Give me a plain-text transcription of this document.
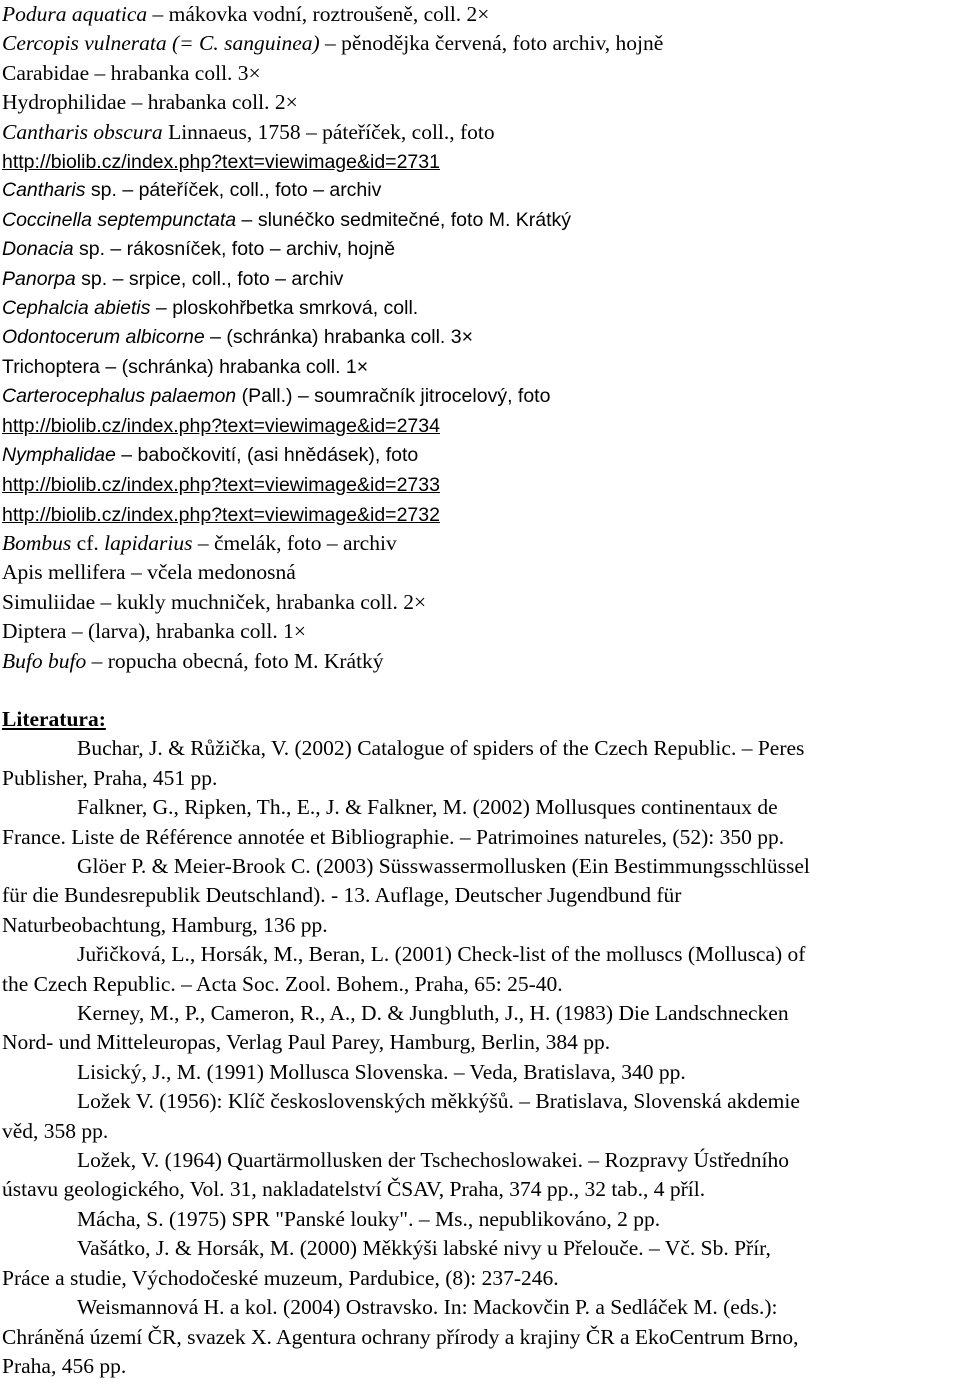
Podura aquatica – mákovka vodní, roztroušeně, coll. 2×
Cercopis vulnerata (= C. sanguinea) – pěnodějka červená, foto archiv, hojně
Carabidae – hrabanka coll. 3×
Hydrophilidae – hrabanka coll. 2×
Cantharis obscura Linnaeus, 1758 – páteříček, coll., foto
http://biolib.cz/index.php?text=viewimage&id=2731
Cantharis sp. – páteříček, coll., foto – archiv
Coccinella septempunctata – slunéčko sedmitečné, foto M. Krátký
Donacia sp. – rákosníček, foto – archiv, hojně
Panorpa sp. – srpice, coll., foto – archiv
Cephalcia abietis – ploskohřbetka smrková, coll.
Odontocerum albicorne – (schránka) hrabanka coll. 3×
Trichoptera – (schránka) hrabanka coll. 1×
Carterocephalus palaemon (Pall.) – soumračník jitrocelový, foto
http://biolib.cz/index.php?text=viewimage&id=2734
Nymphalidae – babočkovití, (asi hnědásek), foto
http://biolib.cz/index.php?text=viewimage&id=2733
http://biolib.cz/index.php?text=viewimage&id=2732
Bombus cf. lapidarius – čmelák, foto – archiv
Apis mellifera – včela medonosná
Simuliidae – kukly muchniček, hrabanka coll. 2×
Diptera – (larva), hrabanka coll. 1×
Bufo bufo – ropucha obecná, foto M. Krátký
Literatura:
Buchar, J. & Růžička, V. (2002) Catalogue of spiders of the Czech Republic. – Peres
Publisher, Praha, 451 pp.
Falkner, G., Ripken, Th., E., J. & Falkner, M. (2002) Mollusques continentaux de
France. Liste de Référence annotée et Bibliographie. – Patrimoines natureles, (52): 350 pp.
Glöer P. & Meier-Brook C. (2003) Süsswassermollusken (Ein Bestimmungsschlüssel
für die Bundesrepublik Deutschland). - 13. Auflage, Deutscher Jugendbund für
Naturbeobachtung, Hamburg, 136 pp.
Juřičková, L., Horsák, M., Beran, L. (2001) Check-list of the molluscs (Mollusca) of
the Czech Republic. – Acta Soc. Zool. Bohem., Praha, 65: 25-40.
Kerney, M., P., Cameron, R., A., D. & Jungbluth, J., H. (1983) Die Landschnecken
Nord- und Mitteleuropas, Verlag Paul Parey, Hamburg, Berlin, 384 pp.
Lisický, J., M. (1991) Mollusca Slovenska. – Veda, Bratislava, 340 pp.
Ložek V. (1956): Klíč československých měkkýšů. – Bratislava, Slovenská akdemie
věd, 358 pp.
Ložek, V. (1964) Quartärmollusken der Tschechoslowakei. – Rozpravy Ústředního
ústavu geologického, Vol. 31, nakladatelství ČSAV, Praha, 374 pp., 32 tab., 4 příl.
Mácha, S. (1975) SPR "Panské louky". – Ms., nepublikováno, 2 pp.
Vašátko, J. & Horsák, M. (2000) Měkkýši labské nivy u Přelouče. – Vč. Sb. Přír,
Práce a studie, Východočeské muzeum, Pardubice, (8): 237-246.
Weismannová H. a kol. (2004) Ostravsko. In: Mackovčin P. a Sedláček M. (eds.):
Chráněná území ČR, svazek X. Agentura ochrany přírody a krajiny ČR a EkoCentrum Brno,
Praha, 456 pp.
